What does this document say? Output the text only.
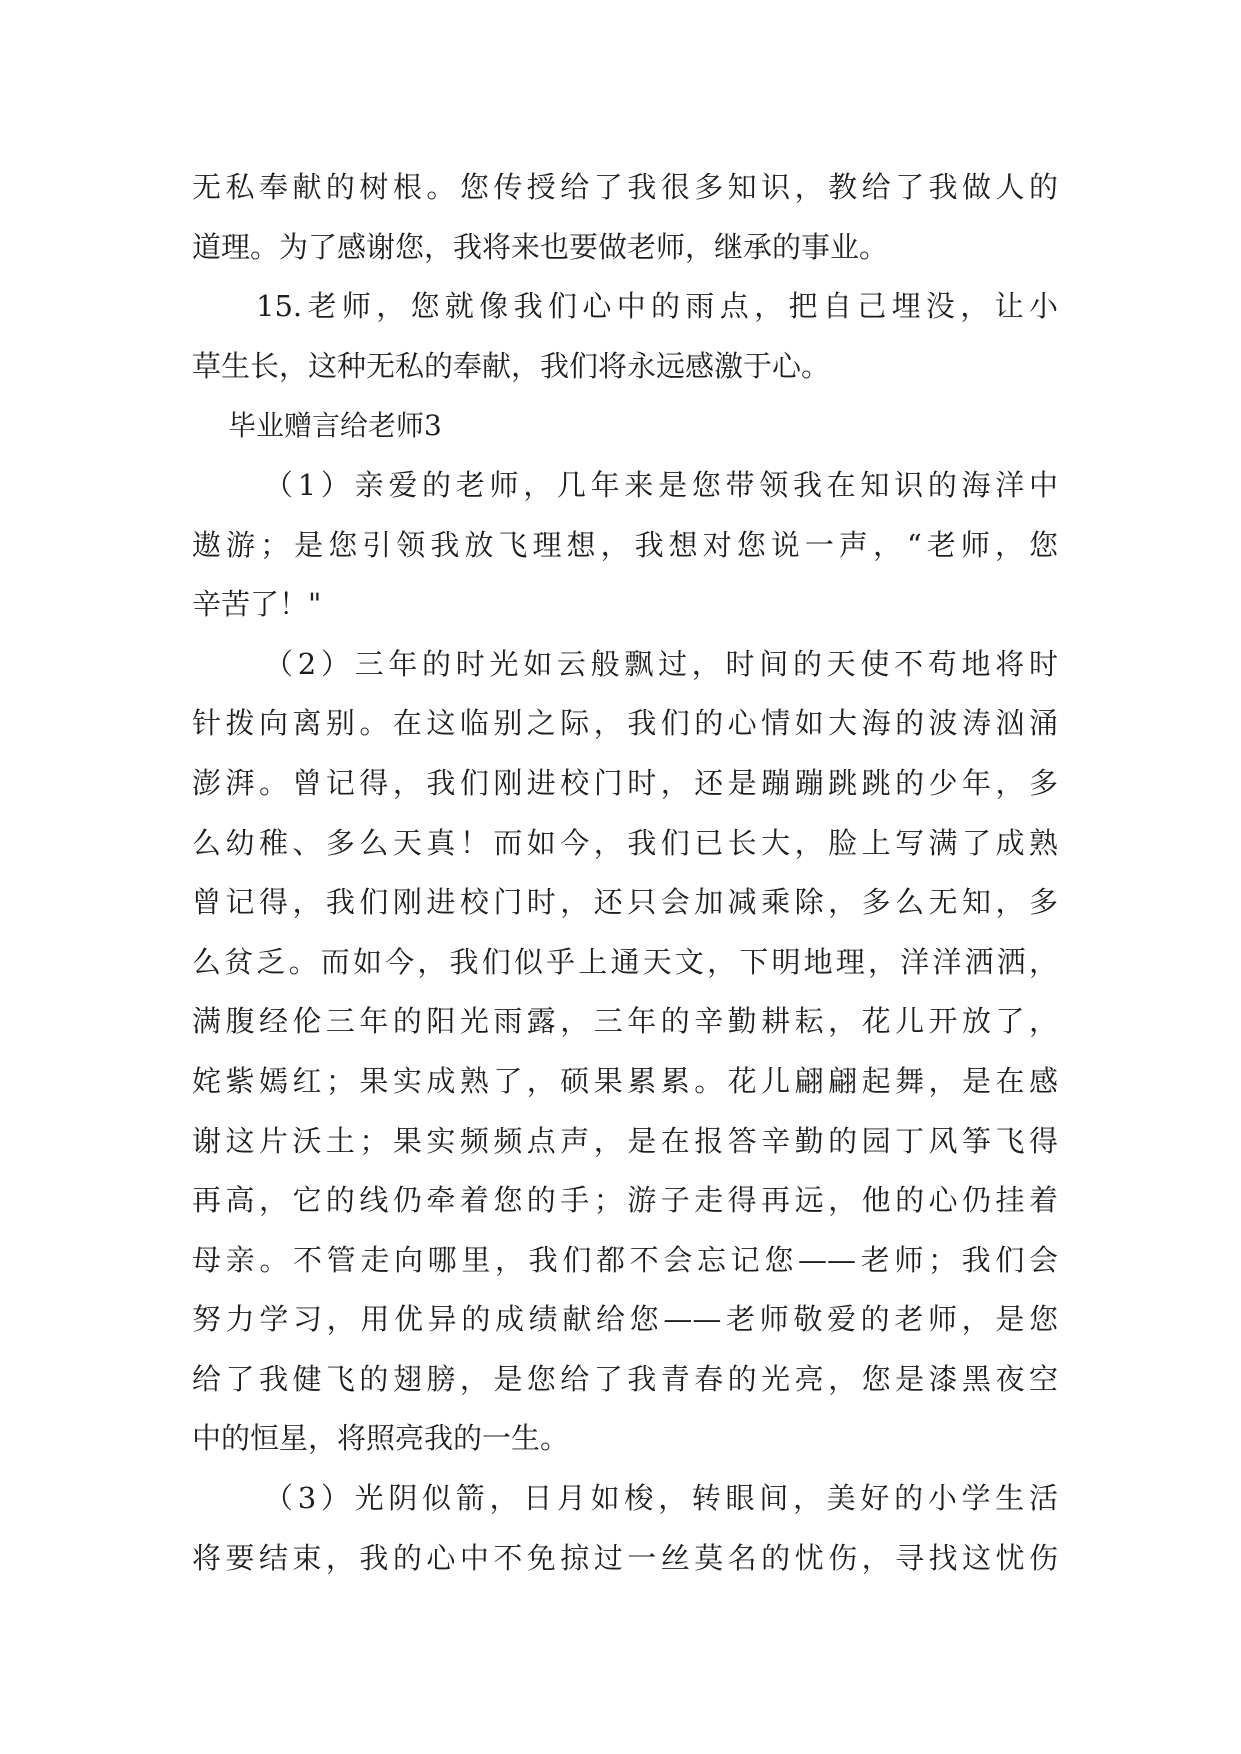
无私奉献的树根。您传授给了我很多知识，教给了我做人的
道理。为了感谢您，我将来也要做老师，继承的事业。
15.老师，您就像我们心中的雨点，把自己埋没，让小
草生长，这种无私的奉献，我们将永远感激于心。
毕业赠言给老师3
（1）亲爱的老师，几年来是您带领我在知识的海洋中
遨游；是您引领我放飞理想，我想对您说一声，“老师，您
辛苦了！"
（2）三年的时光如云般飘过，时间的天使不苟地将时
针拨向离别。在这临别之际，我们的心情如大海的波涛汹涌
澎湃。曾记得，我们刚进校门时，还是蹦蹦跳跳的少年，多
么幼稚、多么天真！而如今，我们已长大，脸上写满了成熟
曾记得，我们刚进校门时，还只会加减乘除，多么无知，多
么贫乏。而如今，我们似乎上通天文，下明地理，洋洋洒洒，
满腹经伦三年的阳光雨露，三年的辛勤耕耘，花儿开放了，
姹紫嫣红；果实成熟了，硕果累累。花儿翩翩起舞，是在感
谢这片沃土；果实频频点声，是在报答辛勤的园丁风筝飞得
再高，它的线仍牵着您的手；游子走得再远，他的心仍挂着
母亲。不管走向哪里，我们都不会忘记您——老师；我们会
努力学习，用优异的成绩献给您——老师敬爱的老师，是您
给了我健飞的翅膀，是您给了我青春的光亮，您是漆黑夜空
中的恒星，将照亮我的一生。
（3）光阴似箭，日月如梭，转眼间，美好的小学生活
将要结束，我的心中不免掠过一丝莫名的忧伤，寻找这忧伤
